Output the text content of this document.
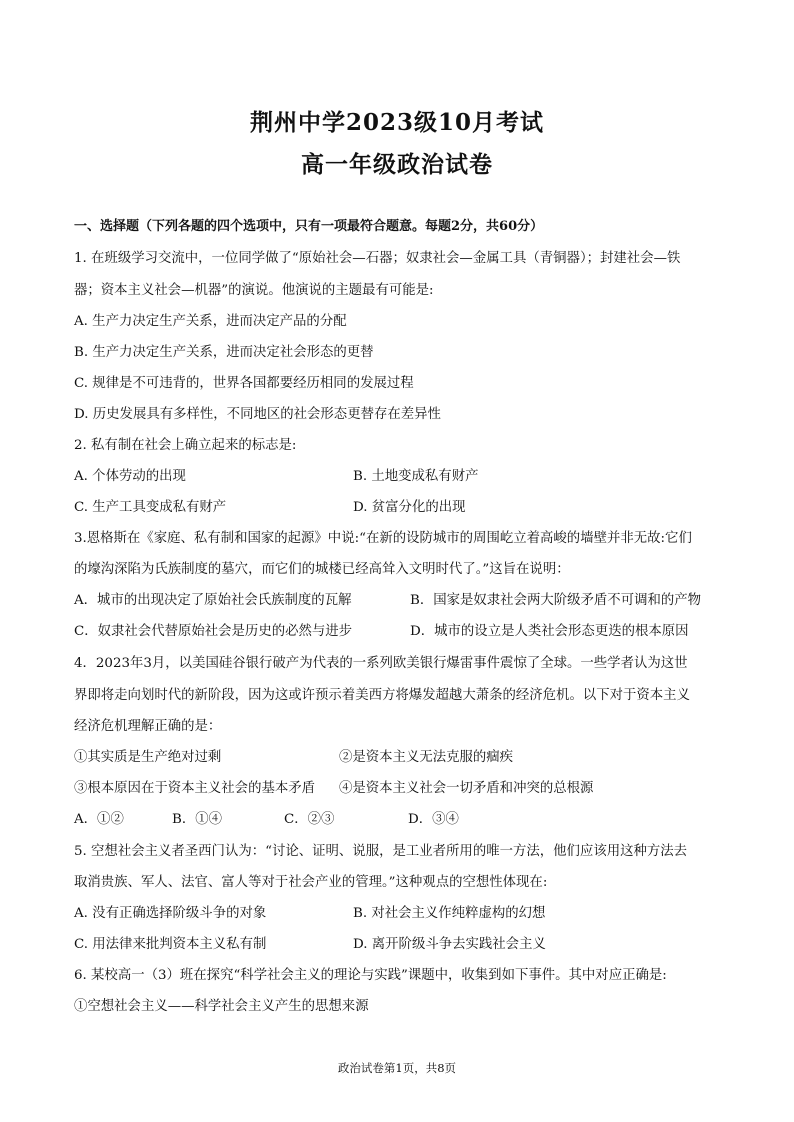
荆州中学2023级10月考试
高一年级政治试卷
一、选择题（下列各题的四个选项中，只有一项最符合题意。每题2分，共60分）
1. 在班级学习交流中，一位同学做了“原始社会—石器；奴隶社会—金属工具（青铜器）；封建社会—铁
器；资本主义社会—机器”的演说。他演说的主题最有可能是:
A. 生产力决定生产关系，进而决定产品的分配
B. 生产力决定生产关系，进而决定社会形态的更替
C. 规律是不可违背的，世界各国都要经历相同的发展过程
D. 历史发展具有多样性，不同地区的社会形态更替存在差异性
2. 私有制在社会上确立起来的标志是:
A. 个体劳动的出现	B. 土地变成私有财产
C. 生产工具变成私有财产	D. 贫富分化的出现
3.恩格斯在《家庭、私有制和国家的起源》中说:“在新的设防城市的周围屹立着高峻的墙壁并非无故:它们
的壕沟深陷为氏族制度的墓穴，而它们的城楼已经高耸入文明时代了。”这旨在说明：
A．城市的出现决定了原始社会氏族制度的瓦解	B．国家是奴隶社会两大阶级矛盾不可调和的产物
C．奴隶社会代替原始社会是历史的必然与进步	D．城市的设立是人类社会形态更迭的根本原因
4．2023年3月，以美国硅谷银行破产为代表的一系列欧美银行爆雷事件震惊了全球。一些学者认为这世
界即将走向划时代的新阶段，因为这或许预示着美西方将爆发超越大萧条的经济危机。以下对于资本主义
经济危机理解正确的是：
①其实质是生产绝对过剩	②是资本主义无法克服的痼疾
③根本原因在于资本主义社会的基本矛盾 ④是资本主义社会一切矛盾和冲突的总根源
A．①②	B．①④	C．②③	D．③④
5. 空想社会主义者圣西门认为：“讨论、证明、说服，是工业者所用的唯一方法，他们应该用这种方法去
取消贵族、军人、法官、富人等对于社会产业的管理。”这种观点的空想性体现在:
A. 没有正确选择阶级斗争的对象	B. 对社会主义作纯粹虚构的幻想
C. 用法律来批判资本主义私有制	D. 离开阶级斗争去实践社会主义
6. 某校高一（3）班在探究“科学社会主义的理论与实践”课题中，收集到如下事件。其中对应正确是:
①空想社会主义——科学社会主义产生的思想来源
政治试卷第1页，共8页
